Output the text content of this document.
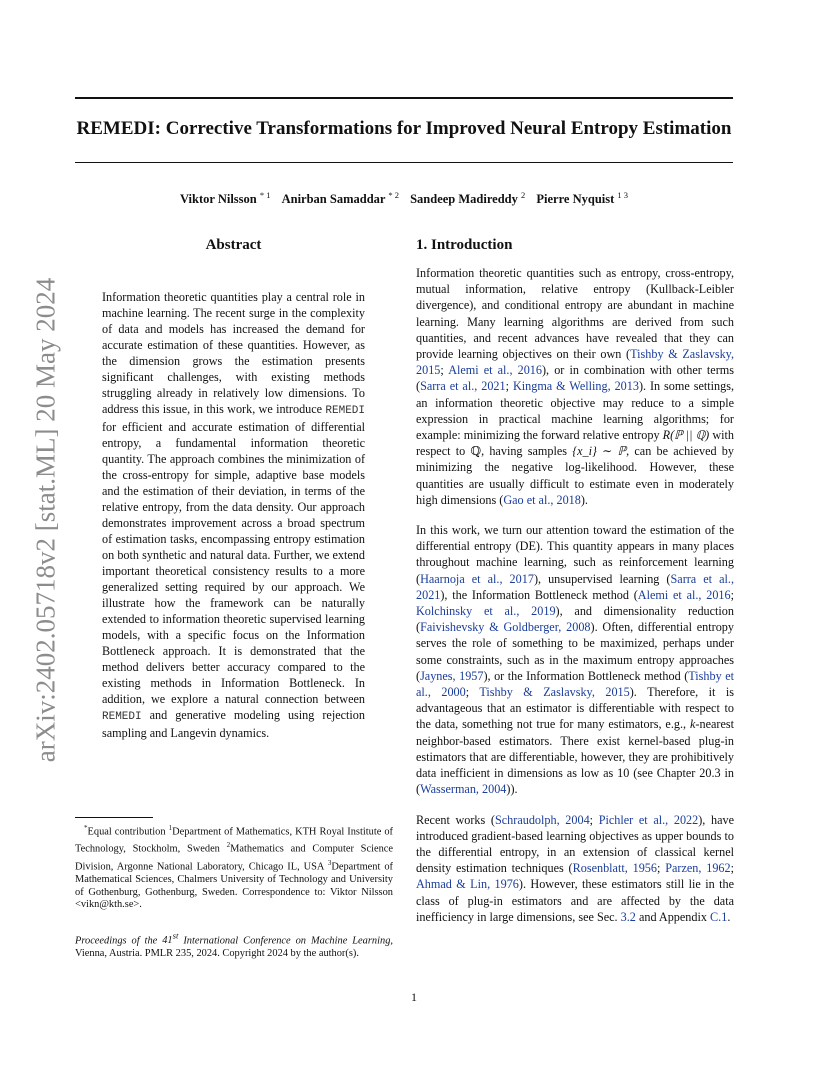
arXiv:2402.05718v2 [stat.ML] 20 May 2024
REMEDI: Corrective Transformations for Improved Neural Entropy Estimation
Viktor Nilsson $^{* 1}$ Anirban Samaddar $^{* 2}$ Sandeep Madireddy $^2$ Pierre Nyquist $^{1 3}$
Abstract
Information theoretic quantities play a central role in machine learning. The recent surge in the complexity of data and models has increased the demand for accurate estimation of these quantities. However, as the dimension grows the estimation presents significant challenges, with existing methods struggling already in relatively low dimensions. To address this issue, in this work, we introduce REMEDI for efficient and accurate estimation of differential entropy, a fundamental information theoretic quantity. The approach combines the minimization of the cross-entropy for simple, adaptive base models and the estimation of their deviation, in terms of the relative entropy, from the data density. Our approach demonstrates improvement across a broad spectrum of estimation tasks, encompassing entropy estimation on both synthetic and natural data. Further, we extend important theoretical consistency results to a more generalized setting required by our approach. We illustrate how the framework can be naturally extended to information theoretic supervised learning models, with a specific focus on the Information Bottleneck approach. It is demonstrated that the method delivers better accuracy compared to the existing methods in Information Bottleneck. In addition, we explore a natural connection between REMEDI and generative modeling using rejection sampling and Langevin dynamics.
*Equal contribution $^1$Department of Mathematics, KTH Royal Institute of Technology, Stockholm, Sweden $^2$Mathematics and Computer Science Division, Argonne National Laboratory, Chicago IL, USA $^3$Department of Mathematical Sciences, Chalmers University of Technology and University of Gothenburg, Gothenburg, Sweden. Correspondence to: Viktor Nilsson <vikn@kth.se>.
Proceedings of the 41st International Conference on Machine Learning, Vienna, Austria. PMLR 235, 2024. Copyright 2024 by the author(s).
1. Introduction

Information theoretic quantities such as entropy, cross-entropy, mutual information, relative entropy (Kullback-Leibler divergence), and conditional entropy are abundant in machine learning. Many learning algorithms are derived from such quantities, and recent advances have revealed that they can provide learning objectives on their own (Tishby & Zaslavsky, 2015; Alemi et al., 2016), or in combination with other terms (Sarra et al., 2021; Kingma & Welling, 2013). In some settings, an information theoretic objective may reduce to a simple expression in practical machine learning algorithms; for example: minimizing the forward relative entropy R(ℙ || ℚ) with respect to ℚ, having samples {x_i} ∼ ℙ, can be achieved by minimizing the negative log-likelihood. However, these quantities are usually difficult to estimate even in moderately high dimensions (Gao et al., 2018).

In this work, we turn our attention toward the estimation of the differential entropy (DE). This quantity appears in many places throughout machine learning, such as reinforcement learning (Haarnoja et al., 2017), unsupervised learning (Sarra et al., 2021), the Information Bottleneck method (Alemi et al., 2016; Kolchinsky et al., 2019), and dimensionality reduction (Faivishevsky & Goldberger, 2008). Often, differential entropy serves the role of something to be maximized, perhaps under some constraints, such as in the maximum entropy approaches (Jaynes, 1957), or the Information Bottleneck method (Tishby et al., 2000; Tishby & Zaslavsky, 2015). Therefore, it is advantageous that an estimator is differentiable with respect to the data, something not true for many estimators, e.g., k-nearest neighbor-based estimators. There exist kernel-based plug-in estimators that are differentiable, however, they are prohibitively data inefficient in dimensions as low as 10 (see Chapter 20.3 in (Wasserman, 2004)).

Recent works (Schraudolph, 2004; Pichler et al., 2022), have introduced gradient-based learning objectives as upper bounds to the differential entropy, in an extension of classical kernel density estimation techniques (Rosenblatt, 1956; Parzen, 1962; Ahmad & Lin, 1976). However, these estimators still lie in the class of plug-in estimators and are affected by the data inefficiency in large dimensions, see Sec. 3.2 and Appendix C.1.

1
